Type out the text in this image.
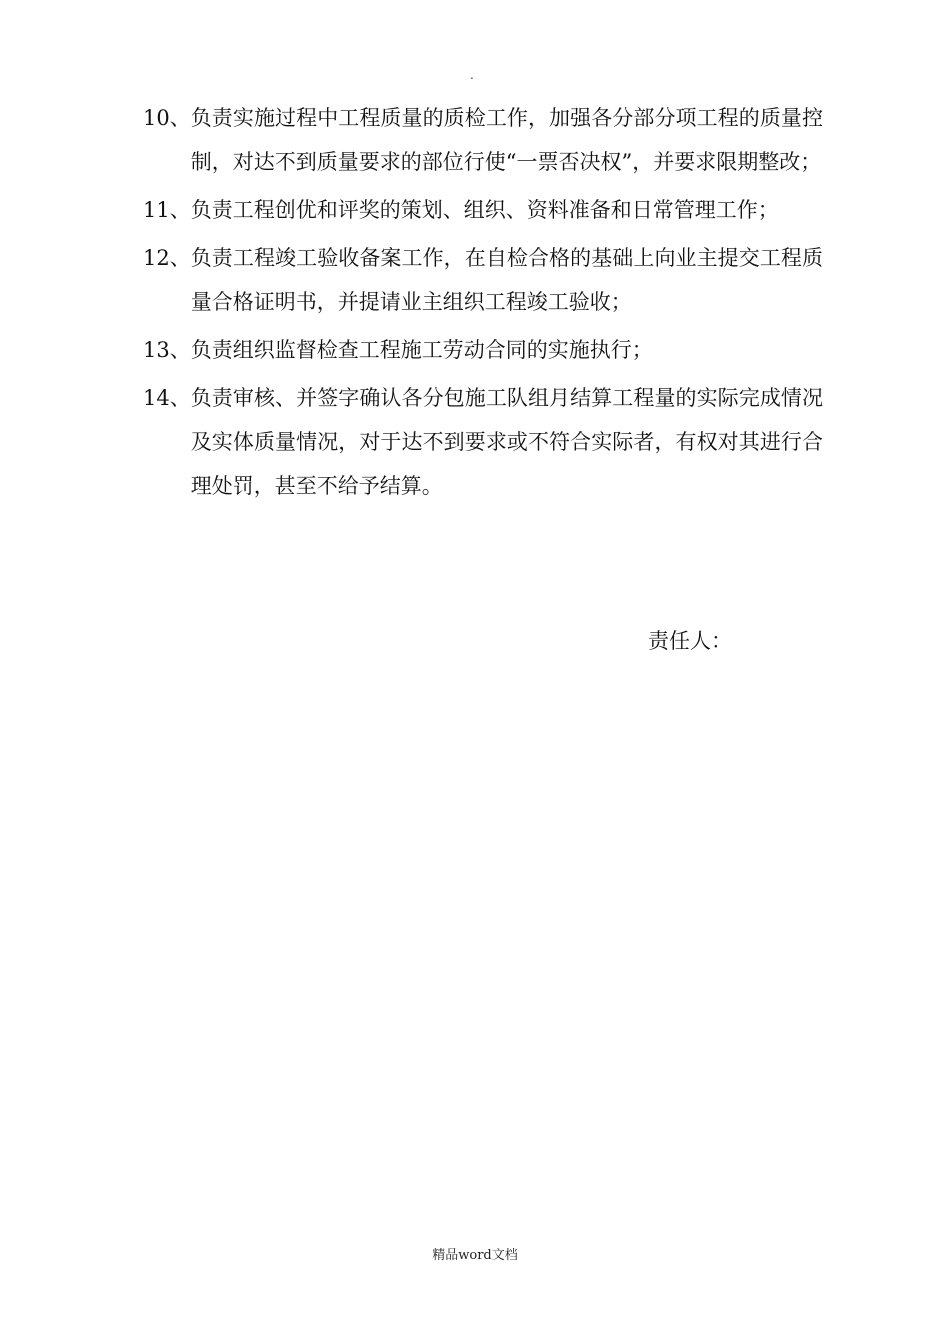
.
10、 负责实施过程中工程质量的质检工作，加强各分部分项工程的质量控制，对达不到质量要求的部位行使“一票否决权”，并要求限期整改；
11、 负责工程创优和评奖的策划、组织、资料准备和日常管理工作；
12、 负责工程竣工验收备案工作，在自检合格的基础上向业主提交工程质量合格证明书，并提请业主组织工程竣工验收；
13、 负责组织监督检查工程施工劳动合同的实施执行；
14、 负责审核、并签字确认各分包施工队组月结算工程量的实际完成情况及实体质量情况，对于达不到要求或不符合实际者，有权对其进行合理处罚，甚至不给予结算。
责任人：
精品word文档
